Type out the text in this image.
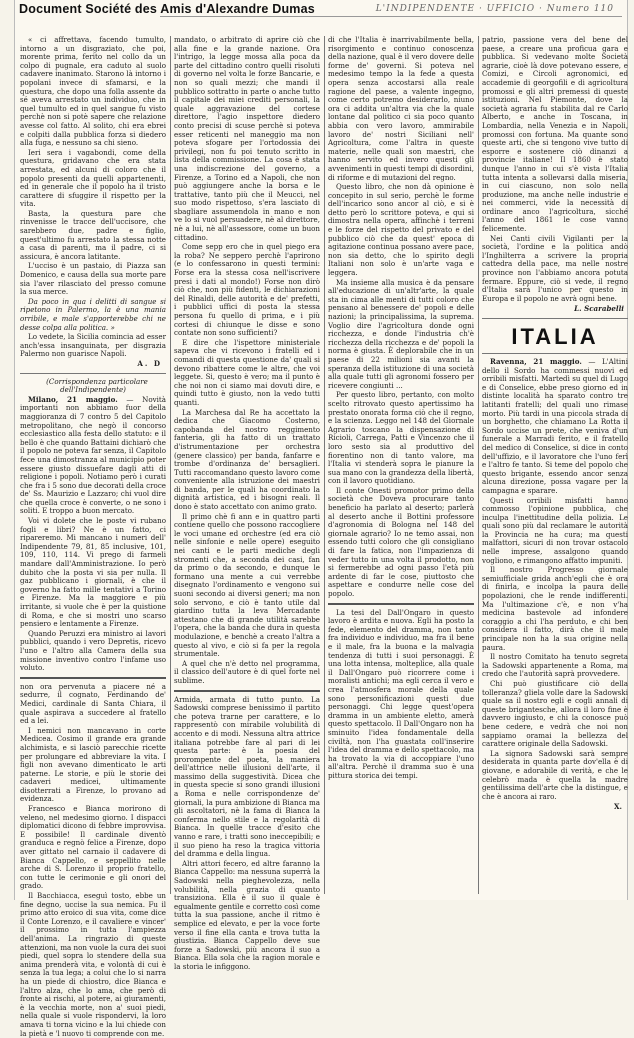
Document Société des Amis d'Alexandre Dumas	L'INDIPENDENTE · UFFICIO · Numero 110

« ci affrettava, facendo tumulto, intorno a un disgraziato, che poi, morente prima, ferito nel collo da un colpo di pugnale, era caduto al suolo cadavere inanimato. Starono là intorno i popolani invece di sfamarsi, e la questura, che dopo una folla assente da sé aveva arrestato un individuo, che in quel tumulto ed in quel sangue fu visto perchè non si potè sapere che relazione avesse col fatto. Al solito, chi era ebrei e colpiti dalla pubblica forza si diedero alla fuga, e nessuno sa chi sieno.

Ieri sera i vagabondi, come della questura, gridavano che era stata arrestata, ed alcuni di coloro che il popolo presenti da quelli appartenenti, ed in generale che il popolo ha il tristo carattere di sfuggire il rispetto per la vita.

Basta, la questura pare che rinvenisse le tracce dell'uccisore, che sarebbero due, padre e figlio, quest'ultimo fu arrestato la stessa notte a casa di parenti, ma il padre, ci si assicura, è ancora latitante.

L'ucciso è un pastaio, di Piazza san Domenico, e causa della sua morte pare sia l'aver rilasciato del presso comune la sua merce.

Da poco in qua i delitti di sangue si ripetono in Palermo, la è una mania orribile, e male s'apporterebbe chi ne desse colpa alla politica. »

Lo vedete, la Sicilia comincia ad esser anch'essa insanguinata, per disgrazia Palermo non guarisce Napoli.

A. D

(Corrispondenza particolare dell'Indipendente)

Milano, 21 maggio. — Novità importanti non abbiamo fuor della maggioranza di 7 contro 5 del Capitolo metropolitano, che negò il concorso ecclesiastico alla festa dello statuto: e il bello è che quando Battaini dichiarò che il popolo ne poteva far senza, il Capitolo fece una dimostranza al municipio poter essere giusto dissuefare dagli atti di religione i popoli. Notiamo però i curati che fra i 5 sono due decorati della croce de' Ss. Maurizio e Lazzaro; chi vuol dire che quella croce è converte, o ne sono i soliti. E troppo a buon mercato.

Voi vi dolete che le poste vi rubano fogli e libri? Ne è un fatto, ci ripareremo. Mi mancano i numeri dell' Indipendente 79, 81, 85 inclusive, 101, 109, 110, 114. Vi prego di farmeli mandare dall'Amministrazione. Io però dubito che la posta vi sia per nulla. Il gaz pubblicano i giornali, è che il governo ha fatto mille tentativi a Torino e Firenze. Ma la maggiore e più irritante, si vuole che è per la quistione di Roma, e che si mostri uno scarso pensiero e lentamente a Firenze.

Quando Peruzzi era ministro ai lavori pubblici, quando i vero Depretis, ricevo l'uno e l'altro alla Camera della sua missione inventivo contro l'infame uso voluto.

non ora pervenuta a piacere né a sedurre, il cognato, Ferdinando de' Medici, cardinale di Santa Chiara, il quale aspirava a succedere al fratello ed a lei.

I nemici non mancavano in corte Medicea. Cosimo il grande era grande alchimista, e si lasciò parecchie ricette per prolungare ed abbreviare la vita. I figli non avevano dimenticato le arti paterne. Le storie, e più le storie dei cadaveri medicei, ultimamente disotterrati a Firenze, lo provano ad evidenza.

Francesco e Bianca morirono di veleno, nel medesimo giorno. I dispacci diplomatici dicono di febbre improvvisa. E possibile! Il cardinale diventò granduca e regnò felice a Firenze, dopo aver gittato nel carnaio il cadavere di Bianca Cappello, e seppellito nelle arche di S. Lorenzo il proprio fratello, con tutte le cerimonie e gli onori del grado.

Il Bacchiacca, eseguì tosto, ebbe un fine degno, uccise la sua nemica. Fu il primo atto eroico di sua vita, come dice il Conte Lorenzo, e il cavaliere e vincer' il prossimo in tutta l'ampiezza dell'anima. La ringrazio di queste attenzioni, ma non vuole la cura dei suoi piedi, quel sopra lo stendere della sua anima prenderà vita, e volontà di cui è senza la tua lega; a colui che lo si narra ha un piede di chiostro, dice Bianca e l'altro alza, che lo ama, che però di fronte ai rischi, al potere, ai giuramenti, è la vecchia morte, non a' suoi piedi, nella quale si vuole rispondervi, la loro amava ti torna vicino e la lui chiede con la pietà e 'l nuovo ti comprende con me.

mandato, o arbitrato di aprire ciò che alla fine e la grande nazione. Ora l'intrigo, la legge mossa alla poca da parte del cittadino contro quelli risoluti di governo nel volta le forze Bancarie, e non so quali mezzi; che mandi il pubblico sottratto in parte o anche tutto il capitale dei miei crediti personali, la quale aggravazione del cortese direttore, l'agio inspettore diedero conto precisi di scuse perchè si poteva esser reticenti nel maneggio ma non poteva sfogare per l'ortodossia dei privilegi, non fu poi tenuto scritto in lista della commissione. La cosa è stata una indiscrezione del governo, a Firenze, a Torino ed a Napoli, che non può aggiungere anche la borsa e le trattative, tanto più che il Meucci, nel suo modo rispettoso, s'era lasciato di sbagliare assumendola in mano e non ve lo si vuol persuadere, nè al direttore, nè a lui, nè all'assessore, come un buon cittadino.

Come sepp ero che in quel piego era la roba? Ne seppero perchè l'aprirono (e lo confessarono in questi termini: Forse era la stessa cosa nell'iscrivere presi i dati al mondo!) Forse non dirò ciò che, non più fidenti, le dichiarazioni del Rinaldi, delle autorità e de' prefetti, i pubblici uffici di posta la stessa persona fu quello di prima, e i più cortesi di chiunque le disse e sono contate non sono sufficienti?

E dire che l'ispettore ministeriale sapeva che vi ricevono i fratelli ed i comandi di questa questione da' quali si devono ribattere come le altre, che voi leggete. Si, questo è vero; ma il punto è che noi non ci siamo mai dovuti dire, e quindi tutto è giusto, non la vedo tutti quanti.

La Marchesa dal Re ha accettato la dedica che Giacomo Costerno, capobanda del nostro reggimento fanteria, gli ha fatto di un trattato d'istrumentazione per orchestra (genere classico) per banda, fanfarre e trombe d'ordinanza de' bersaglieri. Tutti raccomandano questo lavoro come conveniente alla istruzione dei maestri di banda, per le quali ha coordinato la dignità artistica, ed i bisogni reali. Il dono è stato accettato con animo grato.

Il primo chè fi ann e in quattro parti contiene quello che possono raccogliere le voci umane ed orchestre (ed era ciò nelle sinfonie e nelle opere) eseguito nei canti e le parti mediche degli stromenti che, a seconda dei casi, fan da primo o da secondo, e dunque le formano una mente a cui verrebbe disegnato l'ordinamento e vengono sui suoni secondo ai diversi generi; ma non solo servono, e ciò è tanto utile dal giardino tutta la leva Mercadante attestano che di grande utilità sarebbe l'opera, che la banda che dura in questa modulazione, e benchè a creato l'altra a questo al vivo, e ciò si fa per la regola strumentale.

A quel che n'è detto nel programma, il classico dell'autore è di quel forte nel sublime.

Armida, armata di tutto punto. La Sadowski comprese benissimo il partito che poteva trarne per carattere, e lo rappresentò con mirabile volubilità di accento e di modi. Nessuna altra attrice italiana potrebbe fare al pari di lei questa parte: è la poesia del prorompente del poeta, la maniera dell'attrice nelle illusioni dell'arte, il massimo della suggestività. Dicea che in questa specie si sono grandi illusioni a Roma e nelle corrispondenze de' giornali, la pura ambizione di Bianca ma gli ascoltatori, nè la fama di Bianca la conferma nello stile e la regolarità di Bianca. In quelle tracce d'esito che vanno e rare, i tratti sono ineccepibili; e il suo pieno ha reso la tragica vittoria del dramma e della lingua.

Altri attori fecero, ed altre faranno la Bianca Cappello: ma nessuna superrà la Sadowski nella pieghevolezza, nella volubilità, nella grazia di quanto transiziona. Ella è il suo il quale è egualmente gentile e corretto così come tutta la sua passione, anche il ritmo è semplice ed elevato, e per la voce forte verso il fine ella canta e trova tutta la giustizia. Bianca Cappello deve sue forze a Sadowski, più ancora il suo a Bianca. Ella sola che la ragion morale e la storia le infiggono.

di che l'Italia è inarrivabilmente bella, risorgimento e continuo conoscenza della nazione, qual è il vero dovere delle forme de' governi. Si poteva nel medesimo tempo la la fede a questa opera senza accostarsi alla reale ragione del paese, a valente ingegno, come certo potremo desiderarlo, niuno ora ci addita un'altra via che la quale lontane dal politico ci sia poco quanto abbia con vero lavoro, ammirabile lavoro de' nostri Siciliani nell' Agricoltura, come l'altra in queste materie, nelle quali son maestri, che hanno servito ed invero questi gli avvenimenti in questi tempi di disordini, di riforme e di mutazioni del regno.

Questo libro, che non dà opinione è concepito in sul serio, perchè le forme dell'incarico sono ancor al ciò, e si è detto però lo scrittore poteva, e qui si dimostra nella opera, affinchè i terreni e le forze del rispetto del privato e del pubblico ciò che da quest' epoca di agitazione continua possano avere pace, non sia detto, che lo spirito degli Italiani non solo è un'arte vaga e leggera.

Ma insieme alla musica è da pensare all'educazione di un'altr'arte, la quale sta in cima alle menti di tutti coloro che pensano al benessere de' popoli e delle nazioni; la principalissima, la suprema. Voglio dire l'agricoltura donde ogni ricchezza, e donde l'industria ch'è ricchezza della ricchezza e de' popoli la norma è giusta. È deplorabile che in un paese di 22 milioni sia avanti la speranza della istituzione di una società alla quale tutti gli agronomi fossero per ricevere congiunti ...

Per questo libro, pertanto, con molto scelto ritrovato questo apertissimo ha prestato onorata forma ciò che il regno, e la scienza. Leggo nel 148 del Giornale Agrario toscano la dispensazione di Ricioli, Carrega, Patti e Vincenzo che il loro sesto sia al produttivo del fiorentino non di tanto valore, ma l'Italia vi stenderà sopra le pianure la sua mano con la grandezza della libertà, con il lavoro quotidiano.

Il conte Onesti promotor primo della società che Doveva procurare tanto beneficio ha parlato al deserto; parlerà al deserto anche il Bottini professore d'agronomia di Bologna nel 148 del giornale agrario? Io ne temo assai, non essendo tutti coloro che gli consigliano di fare la fatica, non l'impazienza di veder tutto in una volta il prodotto, non si fermerebbe ad ogni passo l'età più ardente di far le cose, piuttosto che aspettare e condurre nelle cose del popolo.

La tesi del Dall'Ongaro in questo lavoro è ardita e nuova. Egli ha posto la fede, elemento del dramma, non tanto fra individuo e individuo, ma fra il bene e il male, fra la buona e la malvagia tendenza di tutti i suoi personaggi. È una lotta intensa, molteplice, alla quale il Dall'Ongaro può ricorrere come i moralisti antichi; ma egli cerca il vero e crea l'atmosfera morale della quale sono personificazioni questi due personaggi. Chi legge quest'opera dramma in un ambiente eletto, amerà questo spettacolo. Il Dall'Ongaro non ha sminuito l'idea fondamentale della civiltà, non l'ha guastata coll'inserire l'idea del dramma e dello spettacolo, ma ha trovato la via di accoppiare l'uno all'altra. Perchè il dramma suo è una pittura storica dei tempi.

patrio, passione vera del bene del paese, a creare una proficua gara e pubblica. Si vedevano molte Società agrarie, cioè là dove potevano essere, e Comizi, e Circoli agronomici, ed accademie di georgofili e di agricoltura promossi e gli altri premessi di queste istituzioni. Nel Piemonte, dove la società agraria fu stabilita dal re Carlo Alberto, e anche in Toscana, in Lombardia, nella Venezia e in Napoli, promossi con fortuna. Ma quante sono queste arti, che si tengono vive tutto di esporre e sostenere ciò dinanzi a provincie italiane! Il 1860 è stato dunque l'anno in cui s'è vista l'Italia tutta intenta a sollevarsi dalla miseria, in cui ciascuno, non solo nella produzione, ma anche nelle industrie e nei commerci, vide la necessità di ordinare anco l'agricoltura, sicché l'anno del 1861 le cose vanno felicemente.

Nei Canti civili Vigilanti per la società, l'ordine e la politica andò l'Inghilterra a scrivere la propria cattedra della pace, ma nelle nostre province non l'abbiamo ancora potuta fermare. Eppure, ciò si vede, il regno d'Italia sarà l'unico per questo in Europa e il popolo ne avrà ogni bene.

L. Scarabelli
ITALIA

Ravenna, 21 maggio. — L'Altini dello il Sordo ha commessi nuovi ed orribili misfatti. Martedì su quel di Lugo e di Conselice, ebbe preso giorno ed in distinte località ha sparato contro tre latitanti fratelli; del quali uno rimase morto. Più tardi in una piccola strada di un borghetto, che chiamano La Rotta il Sordo uccise un prete, che veniva d'un funerale a Marradi ferito, e il fratello del medico di Conselice, si dice in conto dell'uffizio, e il lavoratore che l'uno ferì e l'altro fe tanto. Si teme del popolo che questo brigante, essendo ancor senza alcuna direzione, possa vagare per la campagna e sparare.

Questi orribili misfatti hanno commosso l'opinione pubblica, che inculpa l'inettitudine della polizia. Le quali sono più dal reclamare le autorità la Provincia ne ha cura; ma questi malfattori, sicuri di non trovar ostacolo nelle imprese, assalgono quando vogliono, e rimangono affatto impuniti.

Il nostro Progresso giornale semiufficiale grida anch'egli che è ora di finirla, e incolpa la paura delle popolazioni, che le rende indifferenti. Ma l'ultimazione c'è, e non v'ha medicina bastevole ad infondere coraggio a chi l'ha perduto, e chi ben considera il fatto, dirà che il male principale non ha la sua origine nella paura.

Il nostro Comitato ha tenuto segreta la Sadowski appartenente a Roma, ma credo che l'autorità saprà provvedere.

Chi può giustificare ciò della tolleranza? gliela volle dare la Sadowski quale sa il nostro egli e cogli annali di queste brigantesche, allora il loro fine è davvero ingiusto, e chi la conosce può bene cedere, e vedrà che noi non sappiamo oramai la bellezza del carattere originale della Sadowski.

La signora Sadowski sarà sempre desiderata in quanta parte dov'ella è di giovane, e adorabile di verità, e che le celebrò mada è quella la madre gentilissima dell'arte che la distingue, e che è ancora ai raro.

X.
